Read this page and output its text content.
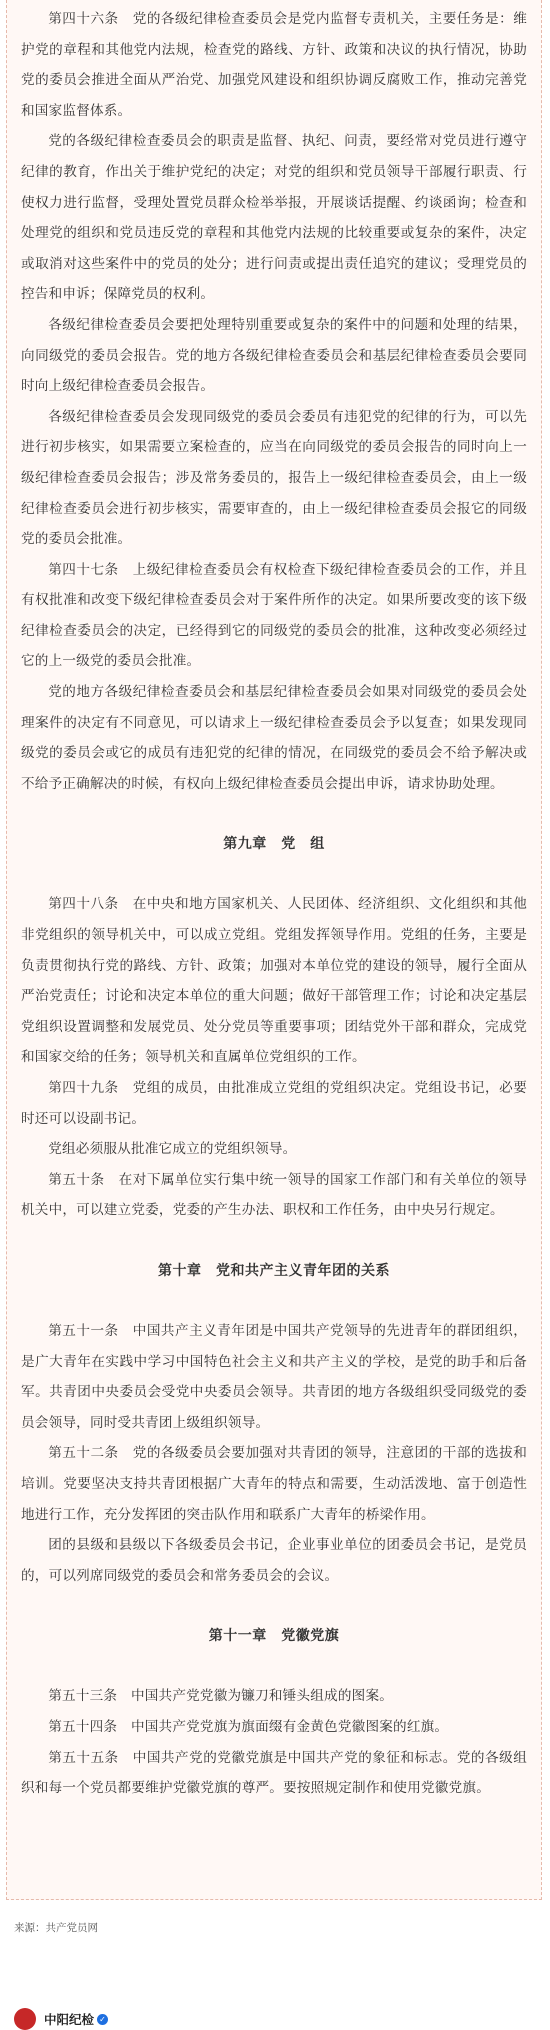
第四十六条　党的各级纪律检查委员会是党内监督专责机关，主要任务是：维护党的章程和其他党内法规，检查党的路线、方针、政策和决议的执行情况，协助党的委员会推进全面从严治党、加强党风建设和组织协调反腐败工作，推动完善党和国家监督体系。

党的各级纪律检查委员会的职责是监督、执纪、问责，要经常对党员进行遵守纪律的教育，作出关于维护党纪的决定；对党的组织和党员领导干部履行职责、行使权力进行监督，受理处置党员群众检举举报，开展谈话提醒、约谈函询；检查和处理党的组织和党员违反党的章程和其他党内法规的比较重要或复杂的案件，决定或取消对这些案件中的党员的处分；进行问责或提出责任追究的建议；受理党员的控告和申诉；保障党员的权利。

各级纪律检查委员会要把处理特别重要或复杂的案件中的问题和处理的结果，向同级党的委员会报告。党的地方各级纪律检查委员会和基层纪律检查委员会要同时向上级纪律检查委员会报告。

各级纪律检查委员会发现同级党的委员会委员有违犯党的纪律的行为，可以先进行初步核实，如果需要立案检查的，应当在向同级党的委员会报告的同时向上一级纪律检查委员会报告；涉及常务委员的，报告上一级纪律检查委员会，由上一级纪律检查委员会进行初步核实，需要审查的，由上一级纪律检查委员会报它的同级党的委员会批准。

第四十七条　上级纪律检查委员会有权检查下级纪律检查委员会的工作，并且有权批准和改变下级纪律检查委员会对于案件所作的决定。如果所要改变的该下级纪律检查委员会的决定，已经得到它的同级党的委员会的批准，这种改变必须经过它的上一级党的委员会批准。

党的地方各级纪律检查委员会和基层纪律检查委员会如果对同级党的委员会处理案件的决定有不同意见，可以请求上一级纪律检查委员会予以复查；如果发现同级党的委员会或它的成员有违犯党的纪律的情况，在同级党的委员会不给予解决或不给予正确解决的时候，有权向上级纪律检查委员会提出申诉，请求协助处理。

第九章　党　组

第四十八条　在中央和地方国家机关、人民团体、经济组织、文化组织和其他非党组织的领导机关中，可以成立党组。党组发挥领导作用。党组的任务，主要是负责贯彻执行党的路线、方针、政策；加强对本单位党的建设的领导，履行全面从严治党责任；讨论和决定本单位的重大问题；做好干部管理工作；讨论和决定基层党组织设置调整和发展党员、处分党员等重要事项；团结党外干部和群众，完成党和国家交给的任务；领导机关和直属单位党组织的工作。

第四十九条　党组的成员，由批准成立党组的党组织决定。党组设书记，必要时还可以设副书记。

党组必须服从批准它成立的党组织领导。

第五十条　在对下属单位实行集中统一领导的国家工作部门和有关单位的领导机关中，可以建立党委，党委的产生办法、职权和工作任务，由中央另行规定。

第十章　党和共产主义青年团的关系

第五十一条　中国共产主义青年团是中国共产党领导的先进青年的群团组织，是广大青年在实践中学习中国特色社会主义和共产主义的学校，是党的助手和后备军。共青团中央委员会受党中央委员会领导。共青团的地方各级组织受同级党的委员会领导，同时受共青团上级组织领导。

第五十二条　党的各级委员会要加强对共青团的领导，注意团的干部的选拔和培训。党要坚决支持共青团根据广大青年的特点和需要，生动活泼地、富于创造性地进行工作，充分发挥团的突击队作用和联系广大青年的桥梁作用。

团的县级和县级以下各级委员会书记，企业事业单位的团委员会书记，是党员的，可以列席同级党的委员会和常务委员会的会议。

第十一章　党徽党旗

第五十三条　中国共产党党徽为镰刀和锤头组成的图案。

第五十四条　中国共产党党旗为旗面缀有金黄色党徽图案的红旗。

第五十五条　中国共产党的党徽党旗是中国共产党的象征和标志。党的各级组织和每一个党员都要维护党徽党旗的尊严。要按照规定制作和使用党徽党旗。

来源：共产党员网
中阳纪检 ✓
